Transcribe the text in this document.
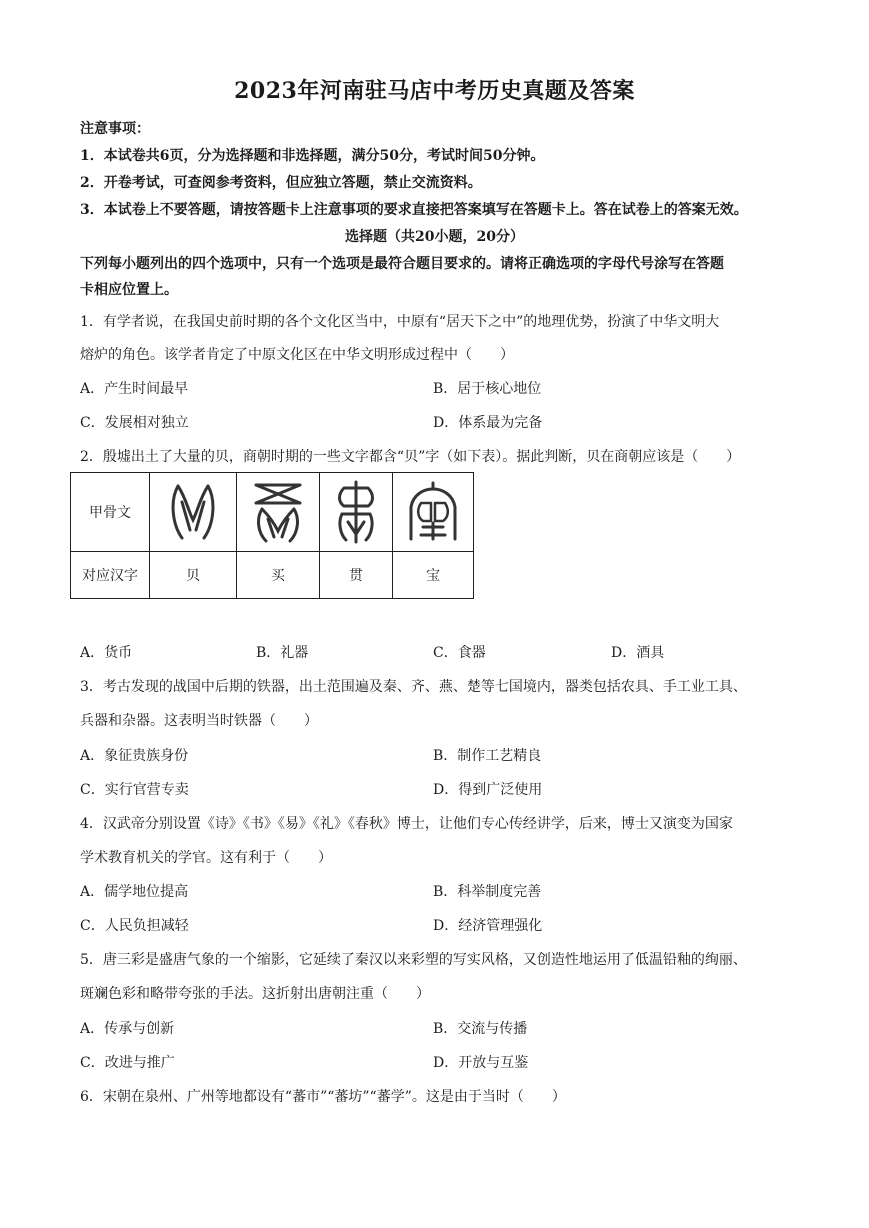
2023年河南驻马店中考历史真题及答案
注意事项：
1．本试卷共6页，分为选择题和非选择题，满分50分，考试时间50分钟。
2．开卷考试，可查阅参考资料，但应独立答题，禁止交流资料。
3．本试卷上不要答题，请按答题卡上注意事项的要求直接把答案填写在答题卡上。答在试卷上的答案无效。
选择题（共20小题，20分）
下列每小题列出的四个选项中，只有一个选项是最符合题目要求的。请将正确选项的字母代号涂写在答题
卡相应位置上。
1．有学者说，在我国史前时期的各个文化区当中，中原有“居天下之中”的地理优势，扮演了中华文明大
熔炉的角色。该学者肯定了中原文化区在中华文明形成过程中（　　）
A．产生时间最早	B．居于核心地位
C．发展相对独立	D．体系最为完备
2．殷墟出土了大量的贝，商朝时期的一些文字都含“贝”字（如下表）。据此判断，贝在商朝应该是（　　）
甲骨文	

对应汉字	贝	买	贯	宝
A．货币	B．礼器	C．食器	D．酒具
3．考古发现的战国中后期的铁器，出土范围遍及秦、齐、燕、楚等七国境内，器类包括农具、手工业工具、
兵器和杂器。这表明当时铁器（　　）
A．象征贵族身份	B．制作工艺精良
C．实行官营专卖	D．得到广泛使用
4．汉武帝分别设置《诗》《书》《易》《礼》《春秋》博士，让他们专心传经讲学，后来，博士又演变为国家
学术教育机关的学官。这有利于（　　）
A．儒学地位提高	B．科举制度完善
C．人民负担减轻	D．经济管理强化
5．唐三彩是盛唐气象的一个缩影，它延续了秦汉以来彩塑的写实风格，又创造性地运用了低温铅釉的绚丽、
斑斓色彩和略带夸张的手法。这折射出唐朝注重（　　）
A．传承与创新	B．交流与传播
C．改进与推广	D．开放与互鉴
6．宋朝在泉州、广州等地都设有“蕃市”“蕃坊”“蕃学”。这是由于当时（　　）
